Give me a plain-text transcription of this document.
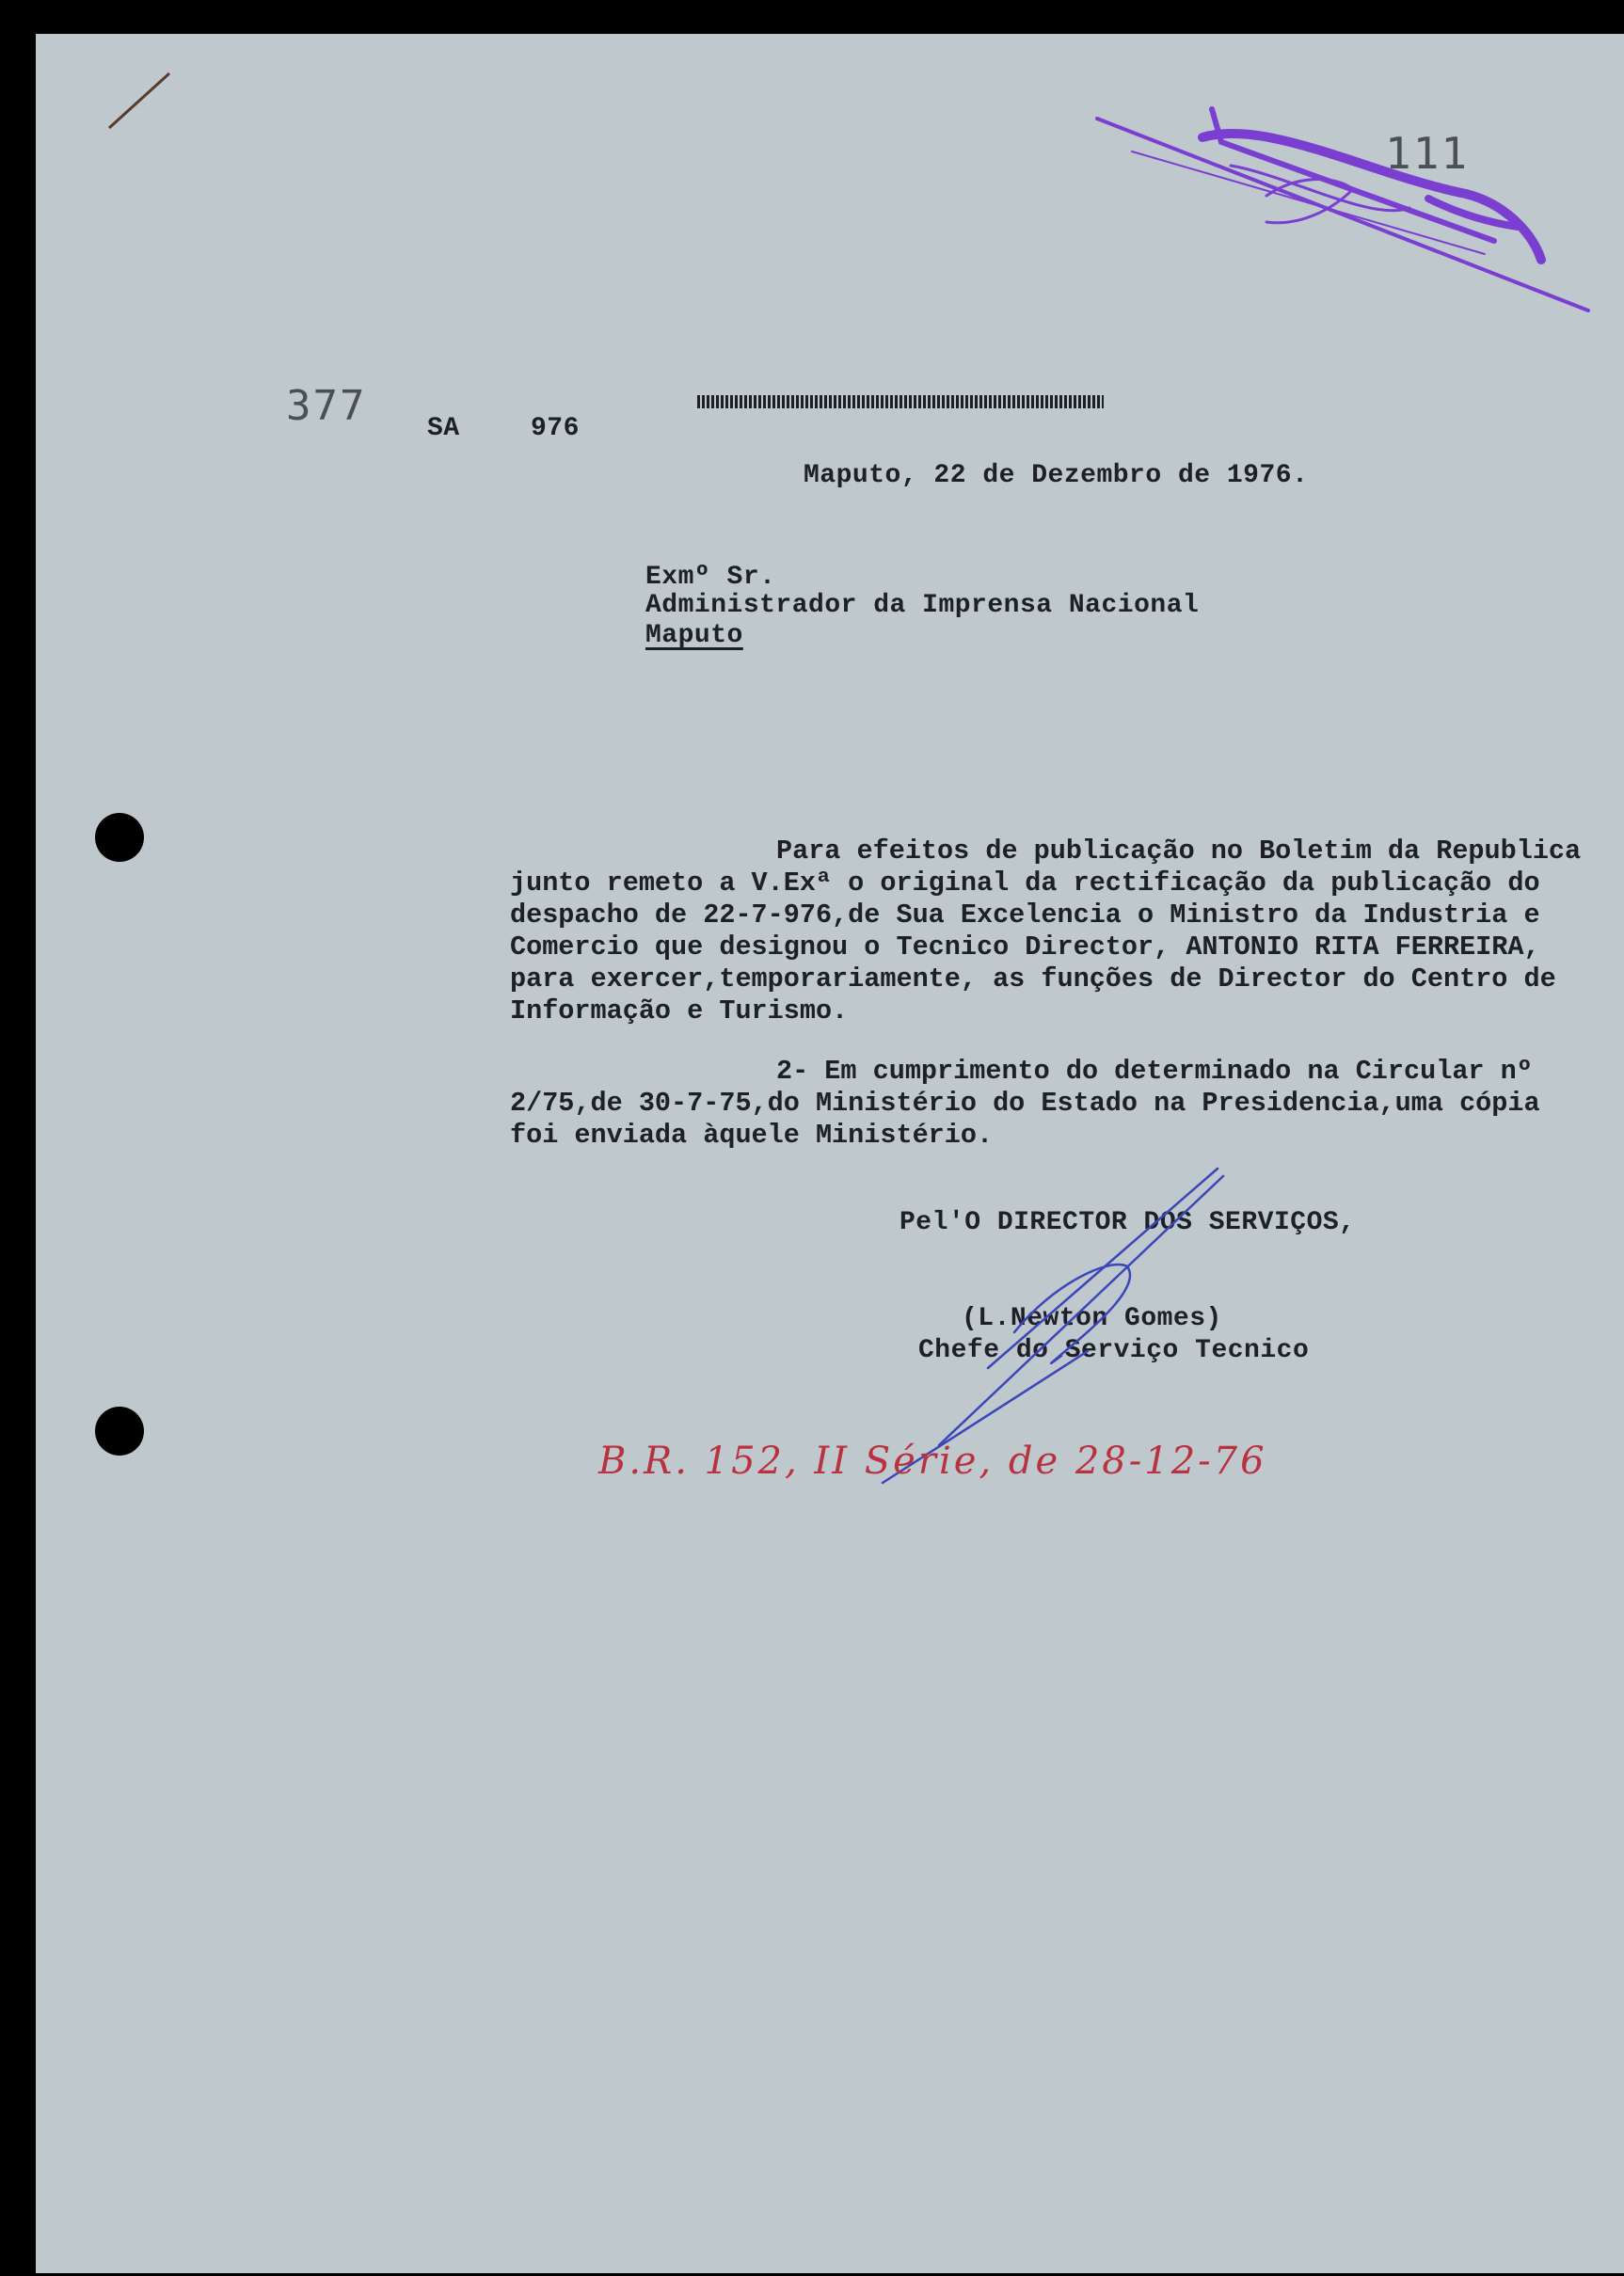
111
377 SA	976
Maputo, 22 de Dezembro de 1976.
Exmº Sr.
Administrador da Imprensa Nacional
Maputo
Para efeitos de publicação no Boletim da Republica
junto remeto a V.Exª o original da rectificação da publicação do
despacho de 22-7-976,de Sua Excelencia o Ministro da Industria e
Comercio que designou o Tecnico Director, ANTONIO RITA FERREIRA,
para exercer,temporariamente, as funções de Director do Centro de
Informação e Turismo.
2- Em cumprimento do determinado na Circular nº
2/75,de 30-7-75,do Ministério do Estado na Presidencia,uma cópia
foi enviada àquele Ministério.
Pel'O DIRECTOR DOS SERVIÇOS,
(L.Newton Gomes)
Chefe do Serviço Tecnico
B.R. 152, II Série, de 28-12-76
